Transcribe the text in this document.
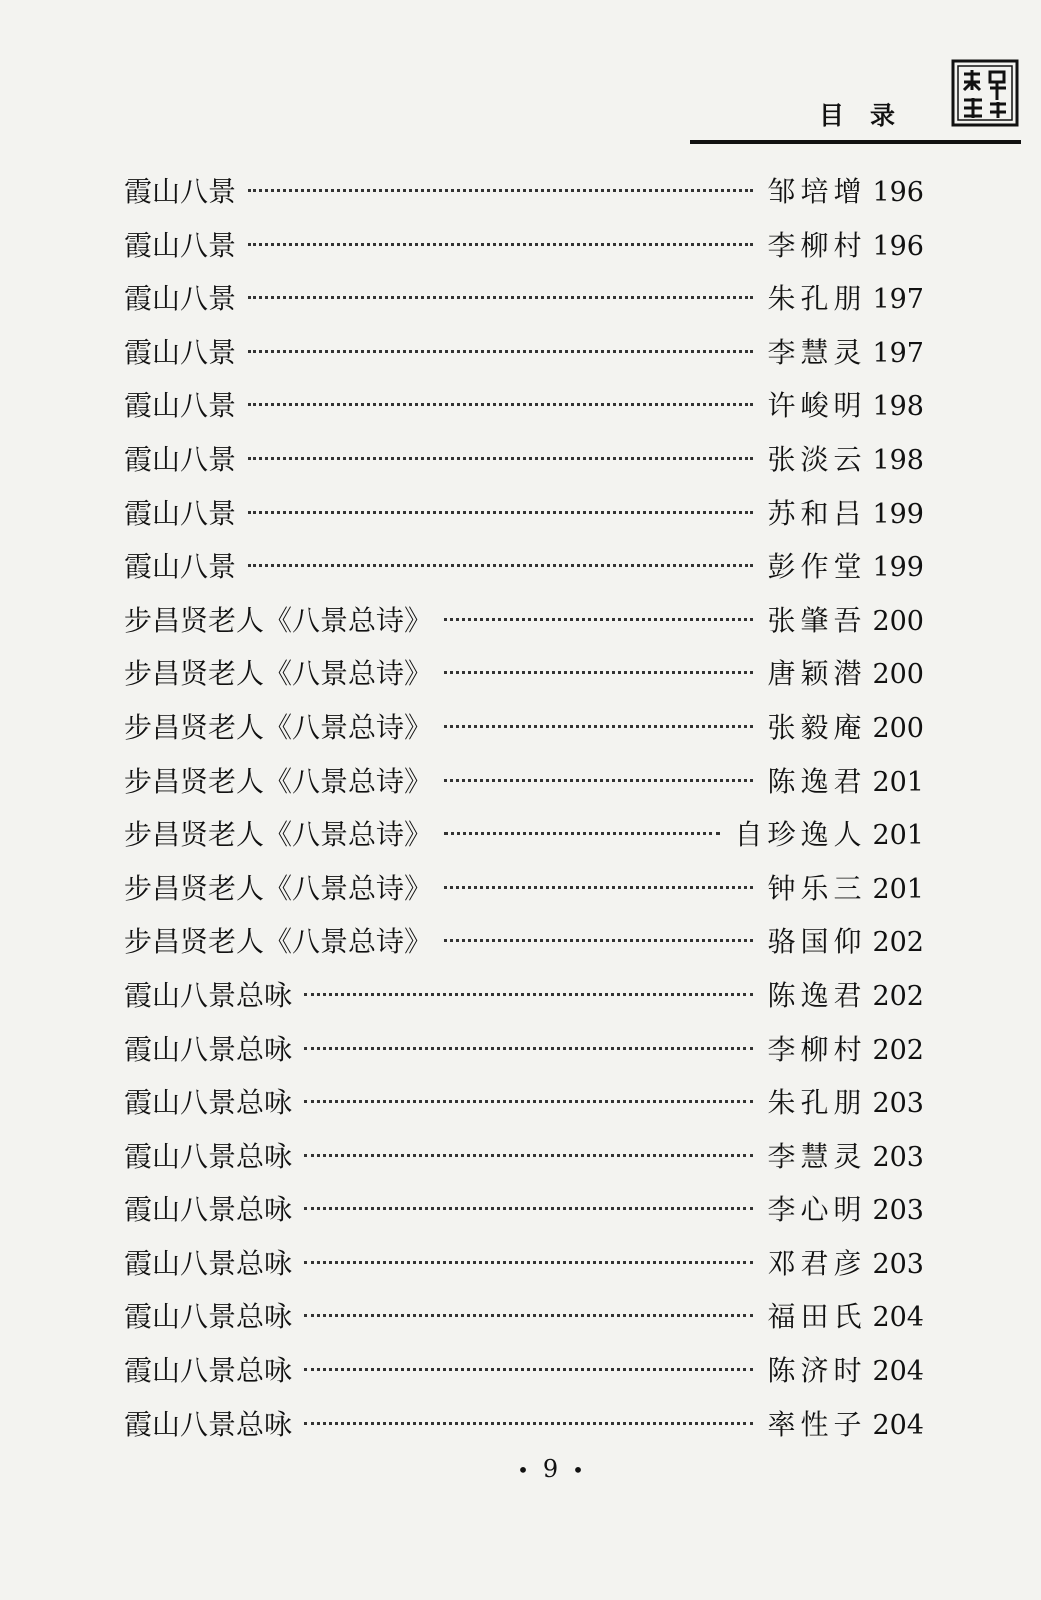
目录
霞山八景	邹培增 196
霞山八景	李柳村 196
霞山八景	朱孔朋 197
霞山八景	李慧灵 197
霞山八景	许峻明 198
霞山八景	张淡云 198
霞山八景	苏和吕 199
霞山八景	彭作堂 199
步昌贤老人《八景总诗》	张肇吾 200
步昌贤老人《八景总诗》	唐颖潜 200
步昌贤老人《八景总诗》	张毅庵 200
步昌贤老人《八景总诗》	陈逸君 201
步昌贤老人《八景总诗》	自珍逸人 201
步昌贤老人《八景总诗》	钟乐三 201
步昌贤老人《八景总诗》	骆国仰 202
霞山八景总咏	陈逸君 202
霞山八景总咏	李柳村 202
霞山八景总咏	朱孔朋 203
霞山八景总咏	李慧灵 203
霞山八景总咏	李心明 203
霞山八景总咏	邓君彦 203
霞山八景总咏	福田氏 204
霞山八景总咏	陈济时 204
霞山八景总咏	率性子 204
• 9 •
